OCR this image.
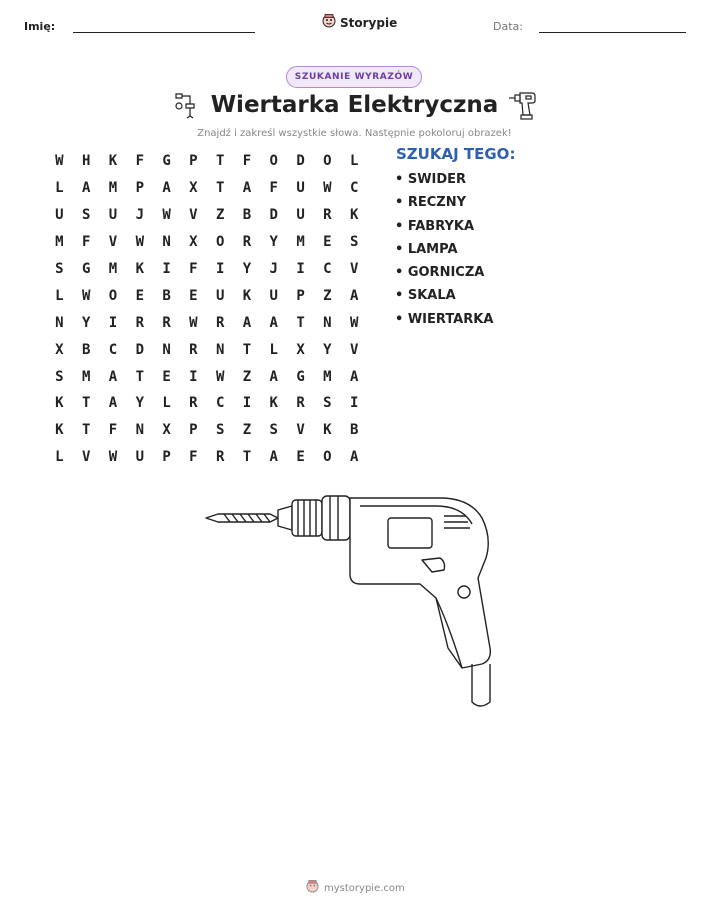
Imię:	Storypie	Data:
SZUKANIE WYRAZÓW
Wiertarka Elektryczna
Znajdź i zakreśl wszystkie słowa. Następnie pokoloruj obrazek!
W	H	K	F	G	P	T	F	O	D	O	L
L	A	M	P	A	X	T	A	F	U	W	C
U	S	U	J	W	V	Z	B	D	U	R	K
M	F	V	W	N	X	O	R	Y	M	E	S
S	G	M	K	I	F	I	Y	J	I	C	V
L	W	O	E	B	E	U	K	U	P	Z	A
N	Y	I	R	R	W	R	A	A	T	N	W
X	B	C	D	N	R	N	T	L	X	Y	V
S	M	A	T	E	I	W	Z	A	G	M	A
K	T	A	Y	L	R	C	I	K	R	S	I
K	T	F	N	X	P	S	Z	S	V	K	B
L	V	W	U	P	F	R	T	A	E	O	A
SZUKAJ TEGO:
• SWIDER
• RECZNY
• FABRYKA
• LAMPA
• GORNICZA
• SKALA
• WIERTARKA
mystorypie.com
